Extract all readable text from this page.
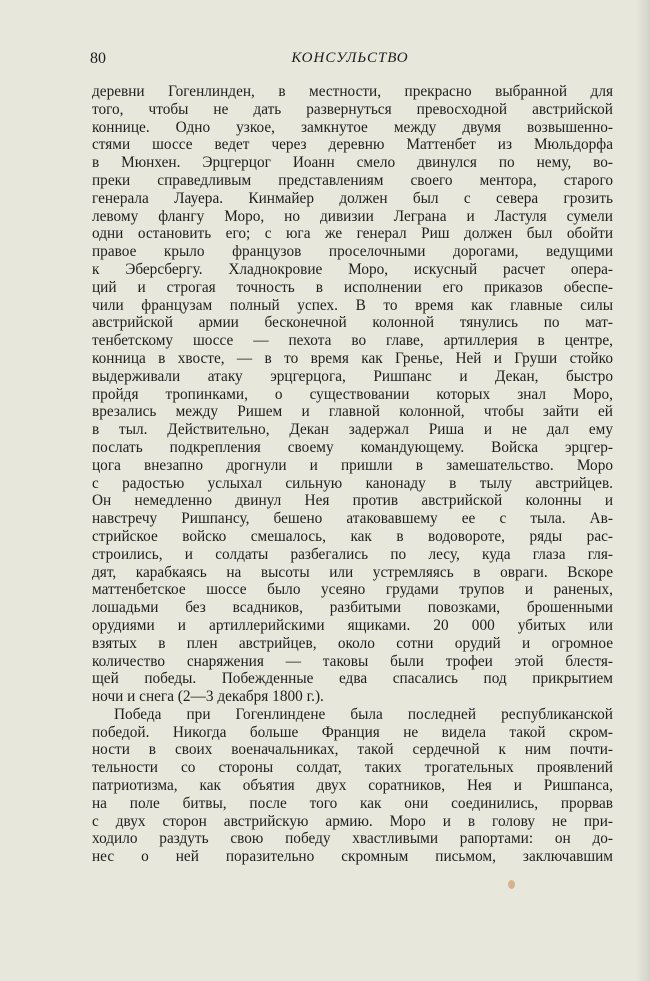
80	КОНСУЛЬСТВО
деревни Гогенлинден, в местности, прекрасно выбранной для
того, чтобы не дать развернуться превосходной австрийской
коннице. Одно узкое, замкнутое между двумя возвышенно-
стями шоссе ведет через деревню Маттенбет из Мюльдорфа
в Мюнхен. Эрцгерцог Иоанн смело двинулся по нему, во-
преки справедливым представлениям своего ментора, старого
генерала Лауера. Кинмайер должен был с севера грозить
левому флангу Моро, но дивизии Леграна и Ластуля сумели
одни остановить его; с юга же генерал Риш должен был обойти
правое крыло французов проселочными дорогами, ведущими
к Эберсбергу. Хладнокровие Моро, искусный расчет опера-
ций и строгая точность в исполнении его приказов обеспе-
чили французам полный успех. В то время как главные силы
австрийской армии бесконечной колонной тянулись по мат-
тенбетскому шоссе — пехота во главе, артиллерия в центре,
конница в хвосте, — в то время как Гренье, Ней и Груши стойко
выдерживали атаку эрцгерцога, Ришпанс и Декан, быстро
пройдя тропинками, о существовании которых знал Моро,
врезались между Ришем и главной колонной, чтобы зайти ей
в тыл. Действительно, Декан задержал Риша и не дал ему
послать подкрепления своему командующему. Войска эрцгер-
цога внезапно дрогнули и пришли в замешательство. Моро
с радостью услыхал сильную канонаду в тылу австрийцев.
Он немедленно двинул Нея против австрийской колонны и
навстречу Ришпансу, бешено атаковавшему ее с тыла. Ав-
стрийское войско смешалось, как в водовороте, ряды рас-
строились, и солдаты разбегались по лесу, куда глаза гля-
дят, карабкаясь на высоты или устремляясь в овраги. Вскоре
маттенбетское шоссе было усеяно грудами трупов и раненых,
лошадьми без всадников, разбитыми повозками, брошенными
орудиями и артиллерийскими ящиками. 20 000 убитых или
взятых в плен австрийцев, около сотни орудий и огромное
количество снаряжения — таковы были трофеи этой блестя-
щей победы. Побежденные едва спасались под прикрытием
ночи и снега (2—3 декабря 1800 г.).
Победа при Гогенлиндене была последней республиканской
победой. Никогда больше Франция не видела такой скром-
ности в своих военачальниках, такой сердечной к ним почти-
тельности со стороны солдат, таких трогательных проявлений
патриотизма, как объятия двух соратников, Нея и Ришпанса,
на поле битвы, после того как они соединились, прорвав
с двух сторон австрийскую армию. Моро и в голову не при-
ходило раздуть свою победу хвастливыми рапортами: он до-
нес о ней поразительно скромным письмом, заключавшим
